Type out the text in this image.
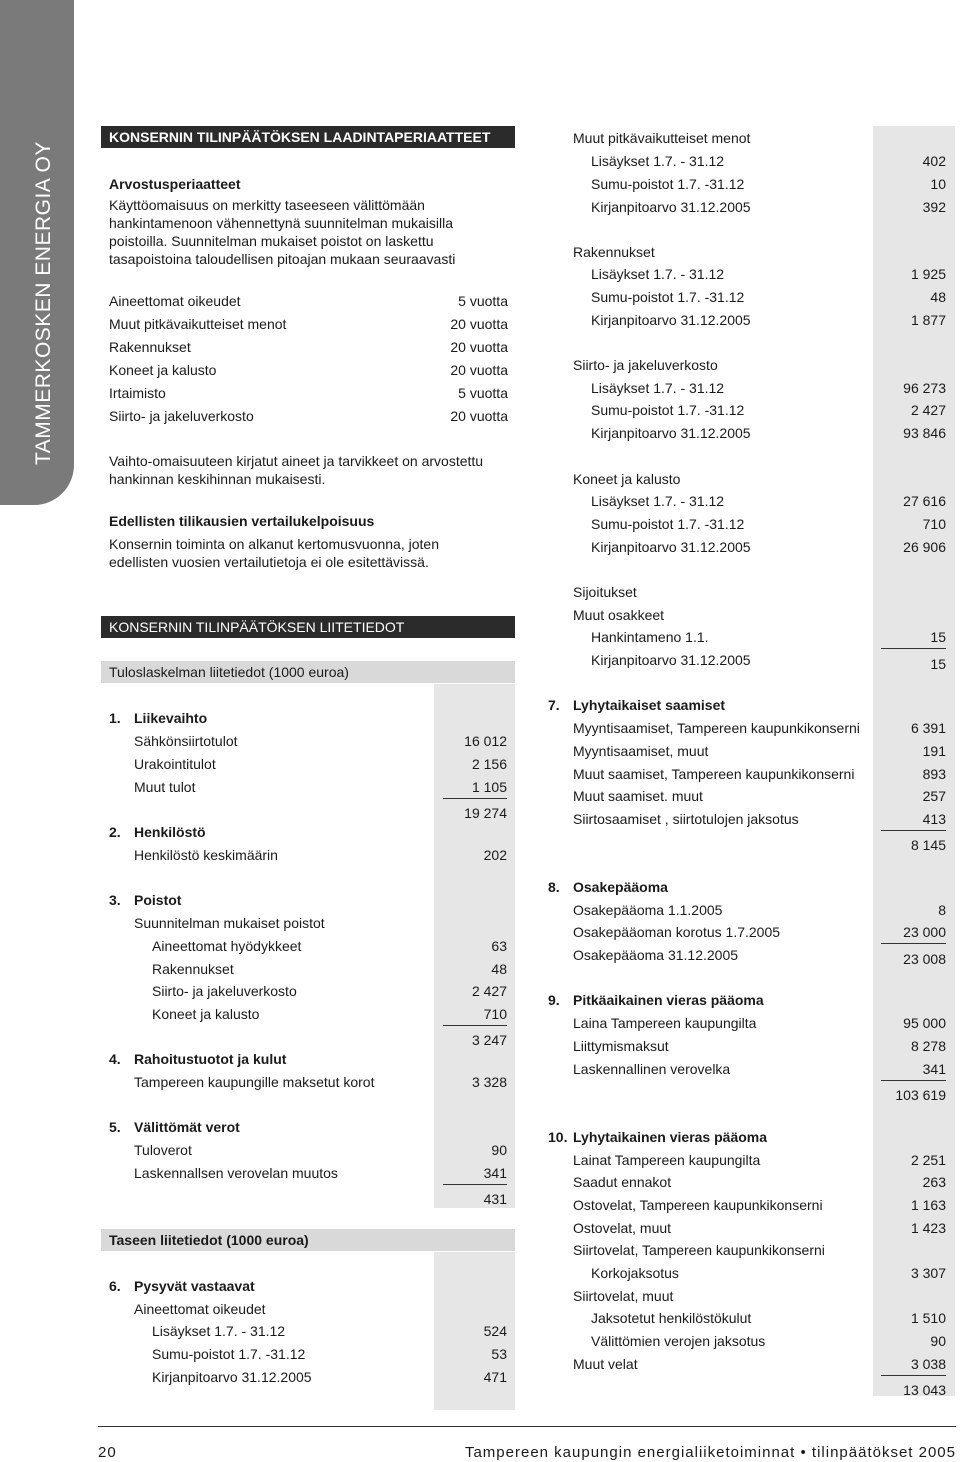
TAMMERKOSKEN ENERGIA OY
KONSERNIN TILINPÄÄTÖKSEN LAADINTAPERIAATTEET
Arvostusperiaatteet
Käyttöomaisuus on merkitty taseeseen välittömään
hankintamenoon vähennettynä suunnitelman mukaisilla
poistoilla. Suunnitelman mukaiset poistot on laskettu
tasapoistoina taloudellisen pitoajan mukaan seuraavasti
Aineettomat oikeudet	5 vuotta
Muut pitkävaikutteiset menot	20 vuotta
Rakennukset	20 vuotta
Koneet ja kalusto	20 vuotta
Irtaimisto	5 vuotta
Siirto- ja jakeluverkosto	20 vuotta
Vaihto-omaisuuteen kirjatut aineet ja tarvikkeet on arvostettu
hankinnan keskihinnan mukaisesti.
Edellisten tilikausien vertailukelpoisuus
Konsernin toiminta on alkanut kertomusvuonna, joten
edellisten vuosien vertailutietoja ei ole esitettävissä.
KONSERNIN TILINPÄÄTÖKSEN LIITETIEDOT
Tuloslaskelman liitetiedot (1000 euroa)
1. Liikevaihto
Sähkönsiirtotulot	16 012
Urakointitulot	2 156
Muut tulot	1 105
19 274
2. Henkilöstö
Henkilöstö keskimäärin	202
3. Poistot
Suunnitelman mukaiset poistot
Aineettomat hyödykkeet	63
Rakennukset	48
Siirto- ja jakeluverkosto	2 427
Koneet ja kalusto	710
3 247
4. Rahoitustuotot ja kulut
Tampereen kaupungille maksetut korot	3 328
5. Välittömät verot
Tuloverot	90
Laskennallsen verovelan muutos	341
431
Taseen liitetiedot (1000 euroa)
6. Pysyvät vastaavat
Aineettomat oikeudet
Lisäykset 1.7. - 31.12	524
Sumu-poistot 1.7. -31.12	53
Kirjanpitoarvo 31.12.2005	471
Muut pitkävaikutteiset menot
Lisäykset 1.7. - 31.12	402
Sumu-poistot 1.7. -31.12	10
Kirjanpitoarvo 31.12.2005	392
Rakennukset
Lisäykset 1.7. - 31.12	1 925
Sumu-poistot 1.7. -31.12	48
Kirjanpitoarvo 31.12.2005	1 877
Siirto- ja jakeluverkosto
Lisäykset 1.7. - 31.12	96 273
Sumu-poistot 1.7. -31.12	2 427
Kirjanpitoarvo 31.12.2005	93 846
Koneet ja kalusto
Lisäykset 1.7. - 31.12	27 616
Sumu-poistot 1.7. -31.12	710
Kirjanpitoarvo 31.12.2005	26 906
Sijoitukset
Muut osakkeet
Hankintameno 1.1.	15
Kirjanpitoarvo 31.12.2005	15
7. Lyhytaikaiset saamiset
Myyntisaamiset, Tampereen kaupunkikonserni	6 391
Myyntisaamiset, muut	191
Muut saamiset, Tampereen kaupunkikonserni	893
Muut saamiset. muut	257
Siirtosaamiset , siirtotulojen jaksotus	413
8 145
8. Osakepääoma
Osakepääoma 1.1.2005	8
Osakepääoman korotus 1.7.2005	23 000
Osakepääoma 31.12.2005	23 008
9. Pitkäaikainen vieras pääoma
Laina Tampereen kaupungilta	95 000
Liittymismaksut	8 278
Laskennallinen verovelka	341
103 619
10. Lyhytaikainen vieras pääoma
Lainat Tampereen kaupungilta	2 251
Saadut ennakot	263
Ostovelat, Tampereen kaupunkikonserni	1 163
Ostovelat, muut	1 423
Siirtovelat, Tampereen kaupunkikonserni
Korkojaksotus	3 307
Siirtovelat, muut
Jaksotetut henkilöstökulut	1 510
Välittömien verojen jaksotus	90
Muut velat	3 038
13 043
20	Tampereen kaupungin energialiiketoiminnat • tilinpäätökset 2005
